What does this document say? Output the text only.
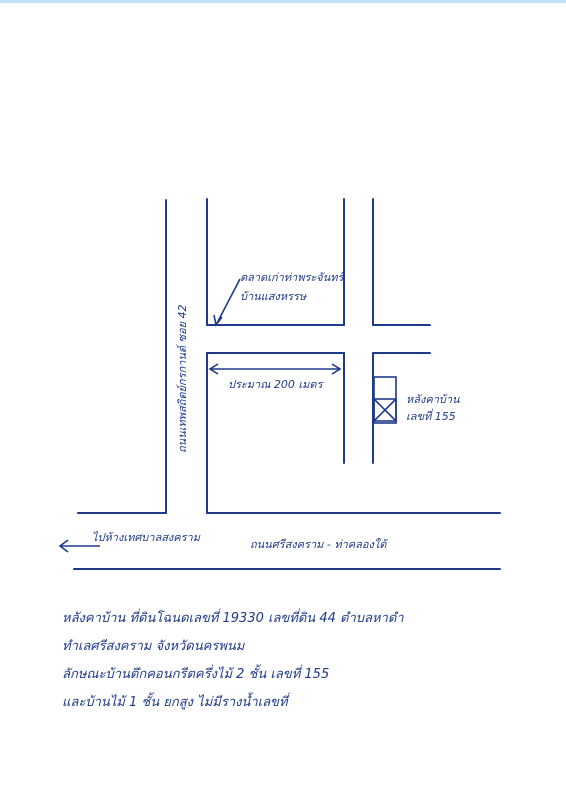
ตลาดเก่าท่าพระจันทร์
บ้านแสงหรรษ
ประมาณ 200 เมตร
หลังคาบ้าน
เลขที่ 155
ถนนเทพสถิตย์กรกานต์ ซอย 42
ไปห้างเทศบาลสงคราม
ถนนศรีสงคราม - ท่าคลองใต้
หลังคาบ้าน ที่ดินโฉนดเลขที่ 19330 เลขที่ดิน 44 ตำบลหาดำ
ทำเลศรีสงคราม จังหวัดนครพนม
ลักษณะบ้านตึกคอนกรีตครึ่งไม้ 2 ชั้น เลขที่ 155
และบ้านไม้ 1 ชั้น ยกสูง ไม่มีรางน้ำเลขที่
